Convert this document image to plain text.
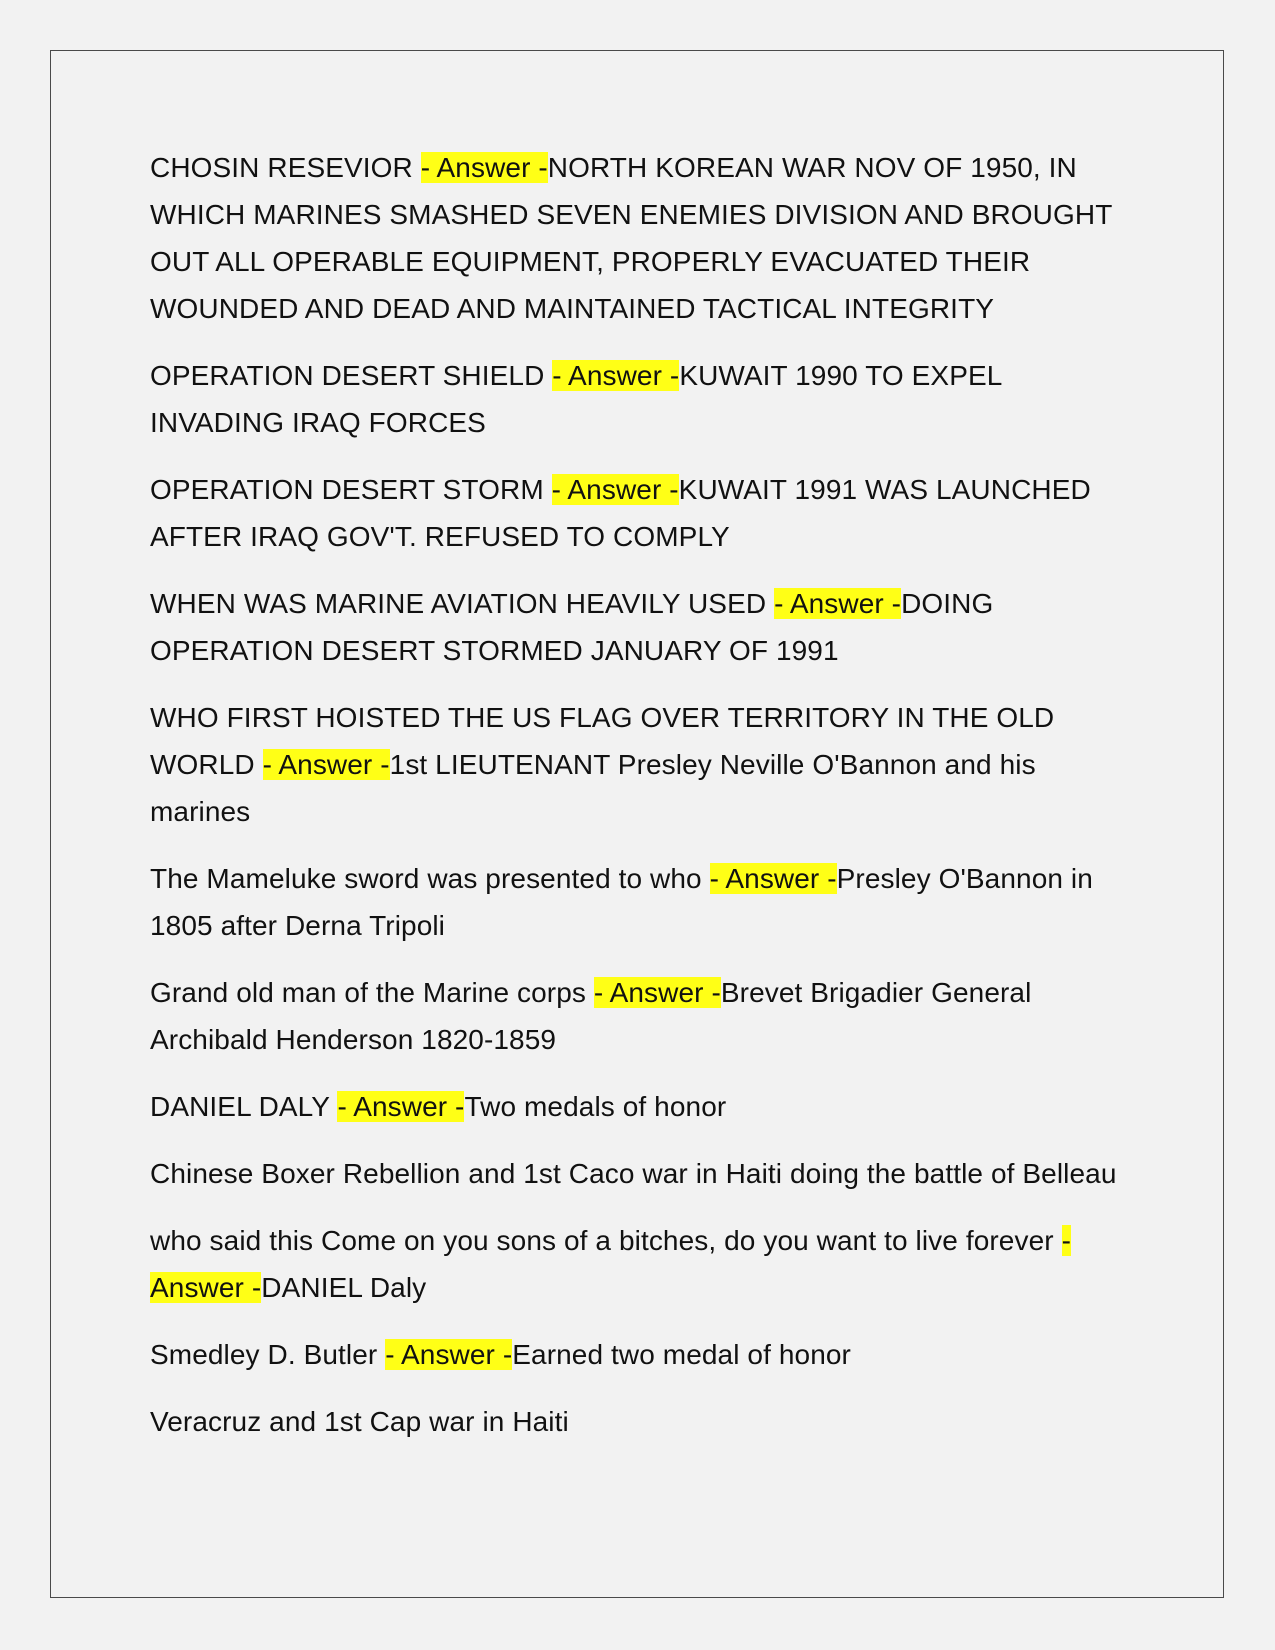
CHOSIN RESEVIOR - Answer -NORTH KOREAN WAR NOV OF 1950, IN WHICH MARINES SMASHED SEVEN ENEMIES DIVISION AND BROUGHT OUT ALL OPERABLE EQUIPMENT, PROPERLY EVACUATED THEIR WOUNDED AND DEAD AND MAINTAINED TACTICAL INTEGRITY

OPERATION DESERT SHIELD - Answer -KUWAIT 1990 TO EXPEL INVADING IRAQ FORCES

OPERATION DESERT STORM - Answer -KUWAIT 1991 WAS LAUNCHED AFTER IRAQ GOV'T. REFUSED TO COMPLY

WHEN WAS MARINE AVIATION HEAVILY USED - Answer -DOING OPERATION DESERT STORMED JANUARY OF 1991

WHO FIRST HOISTED THE US FLAG OVER TERRITORY IN THE OLD WORLD - Answer -1st LIEUTENANT Presley Neville O'Bannon and his marines

The Mameluke sword was presented to who - Answer -Presley O'Bannon in 1805 after Derna Tripoli

Grand old man of the Marine corps - Answer -Brevet Brigadier General Archibald Henderson 1820-1859

DANIEL DALY - Answer -Two medals of honor

Chinese Boxer Rebellion and 1st Caco war in Haiti doing the battle of Belleau

who said this Come on you sons of a bitches, do you want to live forever - Answer -DANIEL Daly

Smedley D. Butler - Answer -Earned two medal of honor

Veracruz and 1st Cap war in Haiti
